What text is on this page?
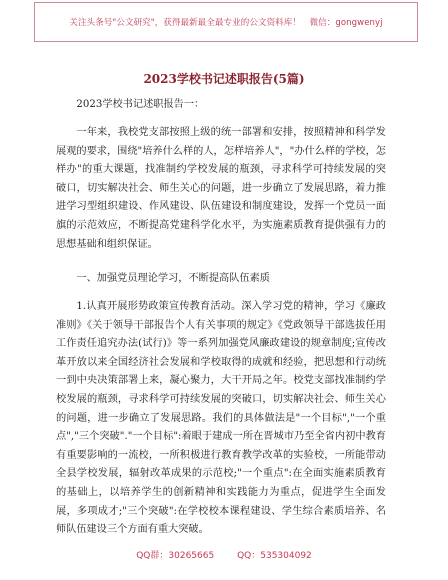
关注头条号"公文研究"，获得最新最全最专业的公文资料库！　微信：gongwenyj
2023学校书记述职报告(5篇)

2023学校书记述职报告一：

一年来，我校党支部按照上级的统一部署和安排，按照精神和科学发展观的要求，围绕"培养什么样的人，怎样培养人"，"办什么样的学校，怎样办"的重大课题，找准制约学校发展的瓶颈，寻求科学可持续发展的突破口，切实解决社会、师生关心的问题，进一步确立了发展思路，着力推进学习型组织建设、作风建设、队伍建设和制度建设，发挥一个党员一面旗的示范效应，不断提高党建科学化水平，为实施素质教育提供强有力的思想基础和组织保证。

一、加强党员理论学习，不断提高队伍素质

1.认真开展形势政策宣传教育活动。深入学习党的精神，学习《廉政准则》《关于领导干部报告个人有关事项的规定》《党政领导干部选拔任用工作责任追究办法(试行)》等一系列加强党风廉政建设的规章制度;宣传改革开放以来全国经济社会发展和学校取得的成就和经验，把思想和行动统一到中央决策部署上来，凝心聚力，大干开局之年。校党支部找准制约学校发展的瓶颈，寻求科学可持续发展的突破口，切实解决社会、师生关心的问题，进一步确立了发展思路。我们的具体做法是"一个目标","一个重点","三个突破"."一个目标":着眼于建成一所在晋城市乃至全省内初中教育有重要影响的一流校，一所积极进行教育教学改革的实验校，一所能带动全县学校发展，辐射改革成果的示范校;"一个重点":在全面实施素质教育的基础上，以培养学生的创新精神和实践能力为重点，促进学生全面发展，多项成才;"三个突破":在学校校本课程建设、学生综合素质培养、名师队伍建设三个方面有重大突破。

QQ群：30265665	QQ：535304092
